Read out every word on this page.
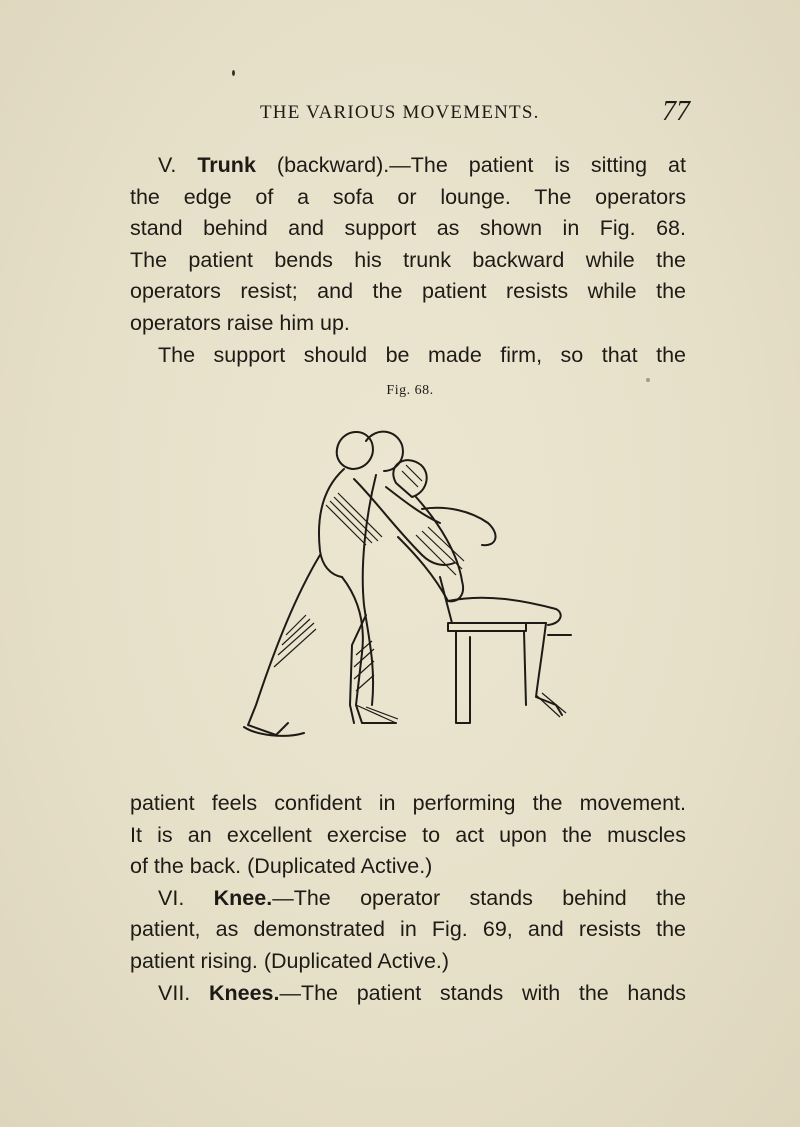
THE VARIOUS MOVEMENTS.	77
V. Trunk (backward).—The patient is sitting at
the edge of a sofa or lounge. The operators
stand behind and support as shown in Fig. 68.
The patient bends his trunk backward while the
operators resist; and the patient resists while the
operators raise him up.
The support should be made firm, so that the
Fig. 68.
patient feels confident in performing the movement.
It is an excellent exercise to act upon the muscles
of the back. (Duplicated Active.)
VI. Knee.—The operator stands behind the
patient, as demonstrated in Fig. 69, and resists the
patient rising. (Duplicated Active.)
VII. Knees.—The patient stands with the hands
